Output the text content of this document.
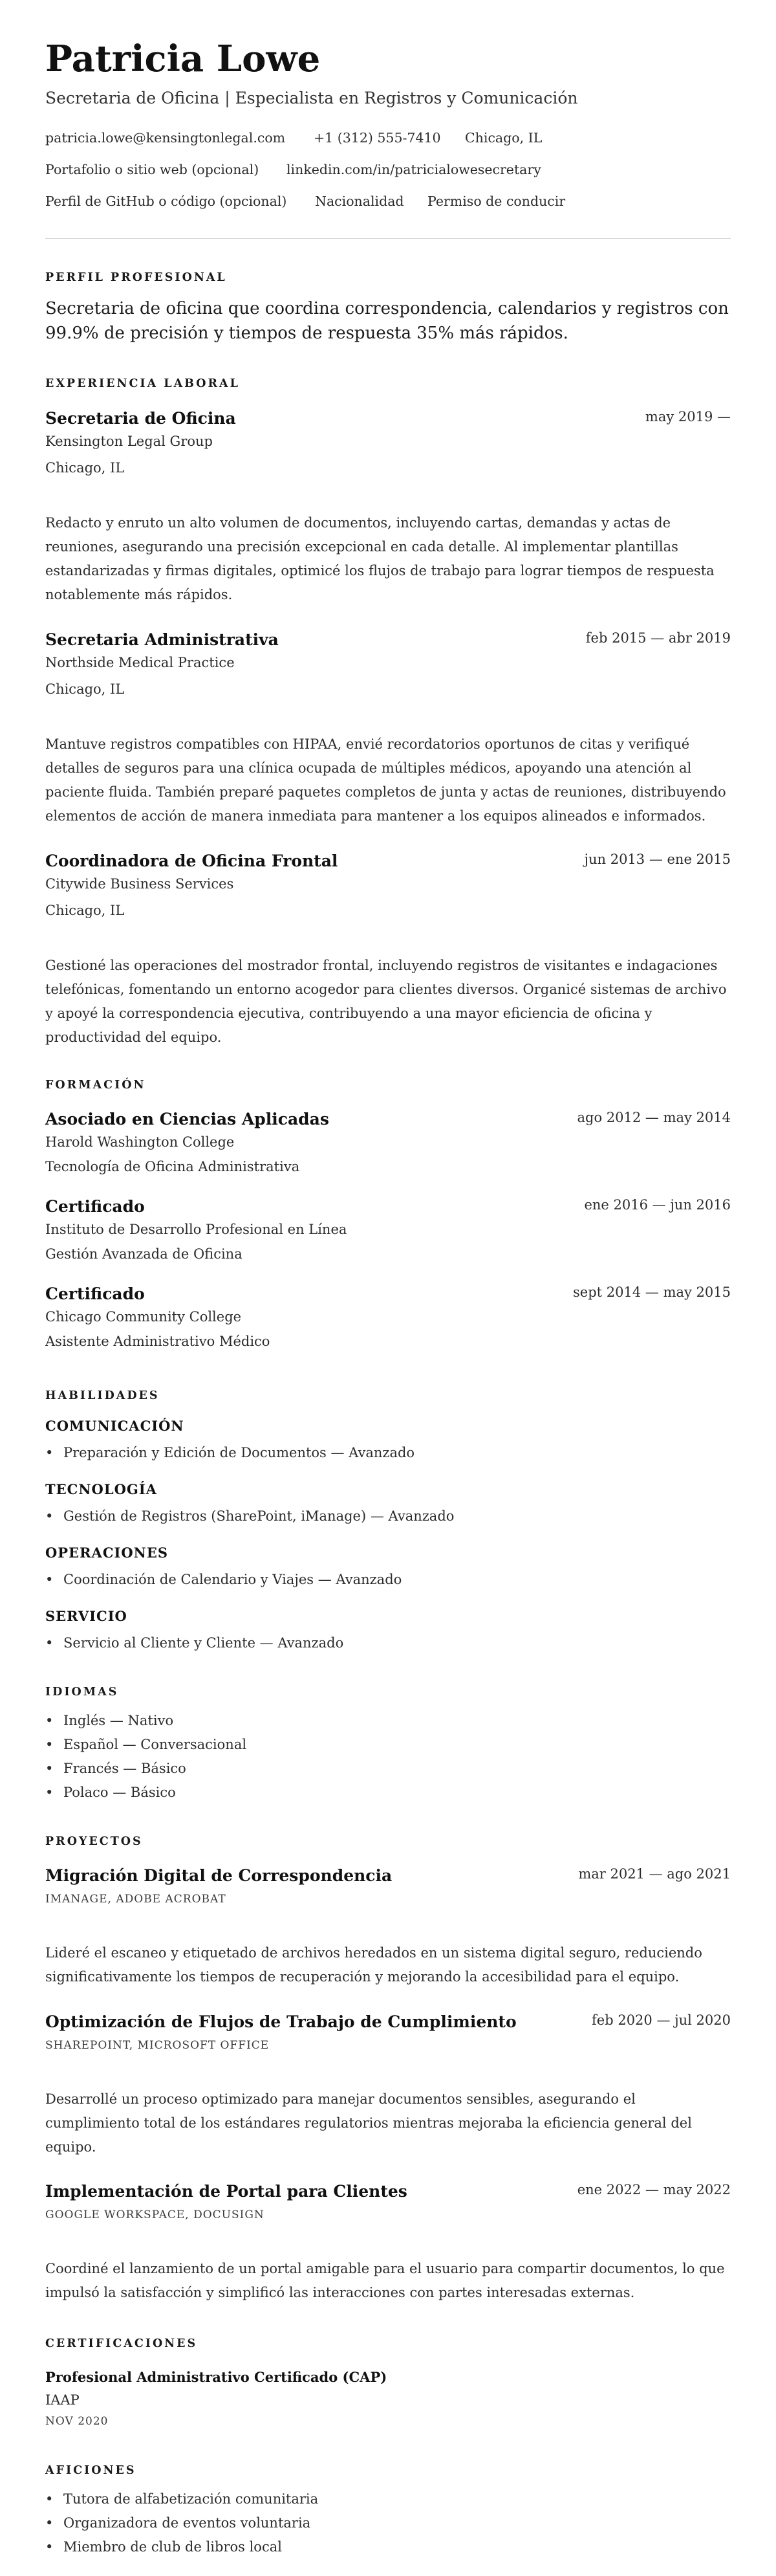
Patricia Lowe
Secretaria de Oficina | Especialista en Registros y Comunicación
patricia.lowe@kensingtonlegal.com +1 (312) 555-7410 Chicago, IL
Portafolio o sitio web (opcional) linkedin.com/in/patricialowesecretary
Perfil de GitHub o código (opcional) Nacionalidad Permiso de conducir
PERFIL PROFESIONAL
Secretaria de oficina que coordina correspondencia, calendarios y registros con 99.9% de precisión y tiempos de respuesta 35% más rápidos.
EXPERIENCIA LABORAL
Secretaria de Oficina	may 2019 —
Kensington Legal Group
Chicago, IL
Redacto y enruto un alto volumen de documentos, incluyendo cartas, demandas y actas de reuniones, asegurando una precisión excepcional en cada detalle. Al implementar plantillas estandarizadas y firmas digitales, optimicé los flujos de trabajo para lograr tiempos de respuesta notablemente más rápidos.
Secretaria Administrativa	feb 2015 — abr 2019
Northside Medical Practice
Chicago, IL
Mantuve registros compatibles con HIPAA, envié recordatorios oportunos de citas y verifiqué detalles de seguros para una clínica ocupada de múltiples médicos, apoyando una atención al paciente fluida. También preparé paquetes completos de junta y actas de reuniones, distribuyendo elementos de acción de manera inmediata para mantener a los equipos alineados e informados.
Coordinadora de Oficina Frontal	jun 2013 — ene 2015
Citywide Business Services
Chicago, IL
Gestioné las operaciones del mostrador frontal, incluyendo registros de visitantes e indagaciones telefónicas, fomentando un entorno acogedor para clientes diversos. Organicé sistemas de archivo y apoyé la correspondencia ejecutiva, contribuyendo a una mayor eficiencia de oficina y productividad del equipo.
FORMACIÓN
Asociado en Ciencias Aplicadas	ago 2012 — may 2014
Harold Washington College
Tecnología de Oficina Administrativa
Certificado	ene 2016 — jun 2016
Instituto de Desarrollo Profesional en Línea
Gestión Avanzada de Oficina
Certificado	sept 2014 — may 2015
Chicago Community College
Asistente Administrativo Médico
HABILIDADES
COMUNICACIÓN
• Preparación y Edición de Documentos — Avanzado
TECNOLOGÍA
• Gestión de Registros (SharePoint, iManage) — Avanzado
OPERACIONES
• Coordinación de Calendario y Viajes — Avanzado
SERVICIO
• Servicio al Cliente y Cliente — Avanzado
IDIOMAS
• Inglés — Nativo
• Español — Conversacional
• Francés — Básico
• Polaco — Básico
PROYECTOS
Migración Digital de Correspondencia	mar 2021 — ago 2021
IMANAGE, ADOBE ACROBAT
Lideré el escaneo y etiquetado de archivos heredados en un sistema digital seguro, reduciendo significativamente los tiempos de recuperación y mejorando la accesibilidad para el equipo.
Optimización de Flujos de Trabajo de Cumplimiento	feb 2020 — jul 2020
SHAREPOINT, MICROSOFT OFFICE
Desarrollé un proceso optimizado para manejar documentos sensibles, asegurando el cumplimiento total de los estándares regulatorios mientras mejoraba la eficiencia general del equipo.
Implementación de Portal para Clientes	ene 2022 — may 2022
GOOGLE WORKSPACE, DOCUSIGN
Coordiné el lanzamiento de un portal amigable para el usuario para compartir documentos, lo que impulsó la satisfacción y simplificó las interacciones con partes interesadas externas.
CERTIFICACIONES
Profesional Administrativo Certificado (CAP)
IAAP
NOV 2020
AFICIONES
• Tutora de alfabetización comunitaria
• Organizadora de eventos voluntaria
• Miembro de club de libros local
